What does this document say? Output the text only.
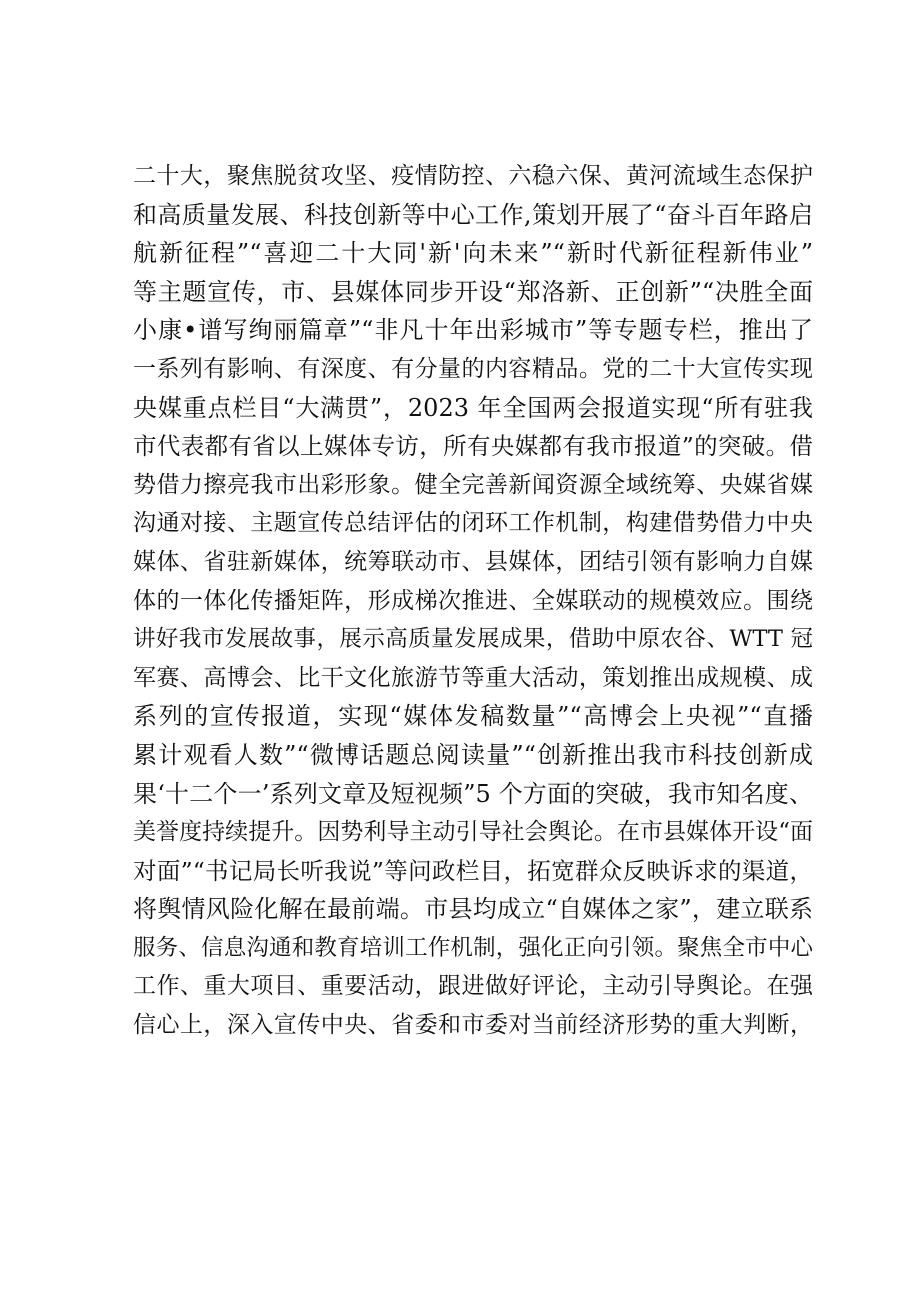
二十大，聚焦脱贫攻坚、疫情防控、六稳六保、黄河流域生态保护
和高质量发展、科技创新等中心工作,策划开展了“奋斗百年路启
航新征程”“喜迎二十大同'新'向未来”“新时代新征程新伟业”
等主题宣传，市、县媒体同步开设“郑洛新、正创新”“决胜全面
小康•谱写绚丽篇章”“非凡十年出彩城市”等专题专栏，推出了
一系列有影响、有深度、有分量的内容精品。党的二十大宣传实现
央媒重点栏目“大满贯”，2023 年全国两会报道实现“所有驻我
市代表都有省以上媒体专访，所有央媒都有我市报道”的突破。借
势借力擦亮我市出彩形象。健全完善新闻资源全域统筹、央媒省媒
沟通对接、主题宣传总结评估的闭环工作机制，构建借势借力中央
媒体、省驻新媒体，统筹联动市、县媒体，团结引领有影响力自媒
体的一体化传播矩阵，形成梯次推进、全媒联动的规模效应。围绕
讲好我市发展故事，展示高质量发展成果，借助中原农谷、WTT 冠
军赛、高博会、比干文化旅游节等重大活动，策划推出成规模、成
系列的宣传报道，实现“媒体发稿数量”“高博会上央视”“直播
累计观看人数”“微博话题总阅读量”“创新推出我市科技创新成
果‘十二个一’系列文章及短视频”5 个方面的突破，我市知名度、
美誉度持续提升。因势利导主动引导社会舆论。在市县媒体开设“面
对面”“书记局长听我说”等问政栏目，拓宽群众反映诉求的渠道，
将舆情风险化解在最前端。市县均成立“自媒体之家”，建立联系
服务、信息沟通和教育培训工作机制，强化正向引领。聚焦全市中心
工作、重大项目、重要活动，跟进做好评论，主动引导舆论。在强
信心上，深入宣传中央、省委和市委对当前经济形势的重大判断，
